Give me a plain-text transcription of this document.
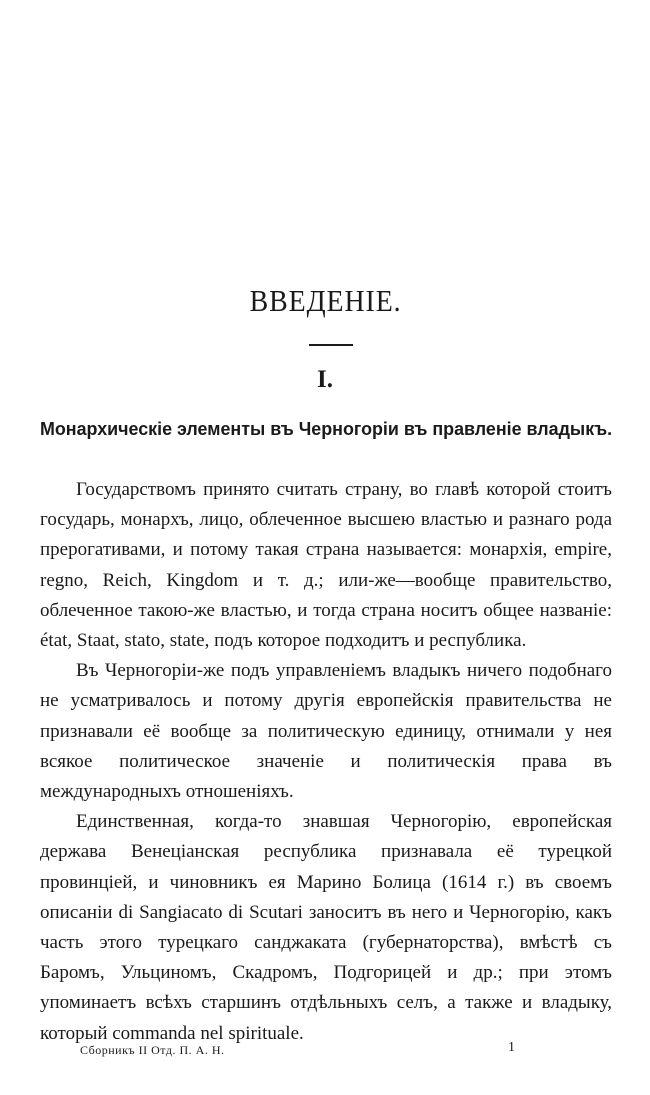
ВВЕДЕНІЕ.
I.
Монархическіе элементы въ Черногоріи въ правленіе владыкъ.

Государствомъ принято считать страну, во главѣ которой стоитъ государь, монархъ, лицо, облеченное высшею властью и разнаго рода прерогативами, и потому такая страна называется: монархія, empire, regno, Reich, Kingdom и т. д.; или-же—вообще правительство, облеченное такою-же властью, и тогда страна носитъ общее названіе: état, Staat, stato, state, подъ которое подходитъ и республика.

Въ Черногоріи-же подъ управленіемъ владыкъ ничего подобнаго не усматривалось и потому другія европейскія правительства не признавали её вообще за политическую единицу, отнимали у нея всякое политическое значеніе и политическія права въ международныхъ отношеніяхъ.

Единственная, когда-то знавшая Черногорію, европейская держава Венеціанская республика признавала её турецкой провинціей, и чиновникъ ея Марино Болица (1614 г.) въ своемъ описаніи di Sangiacato di Scutari заноситъ въ него и Черногорію, какъ часть этого турецкаго санджаката (губернаторства), вмѣстѣ съ Баромъ, Ульциномъ, Скадромъ, Подгорицей и др.; при этомъ упоминаетъ всѣхъ старшинъ отдѣльныхъ селъ, а также и владыку, который commanda nel spirituale.

Сборникъ II Отд. П. А. Н.	1
